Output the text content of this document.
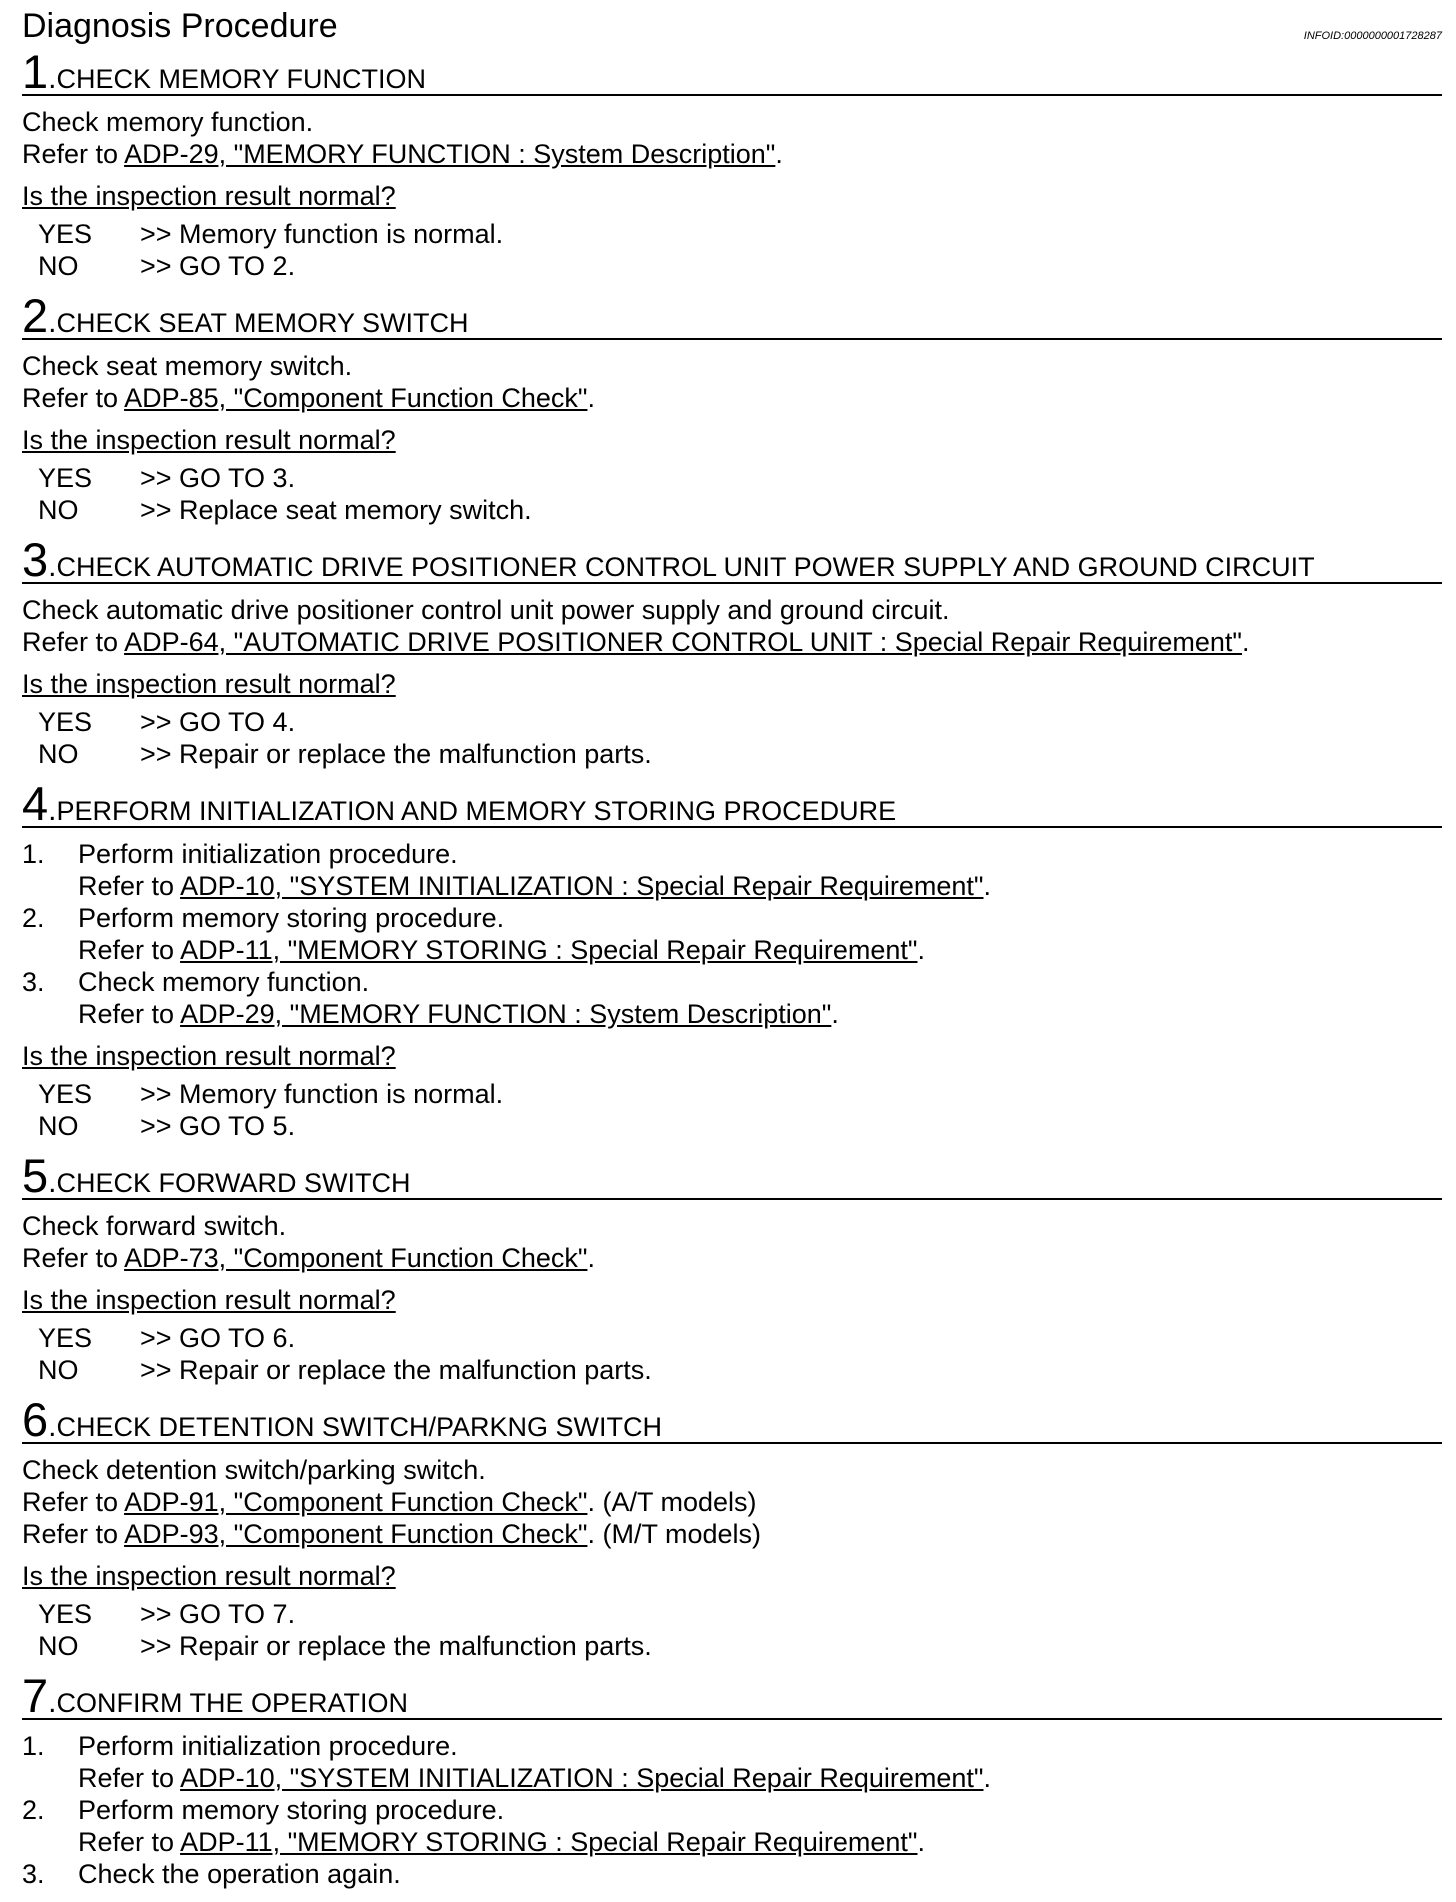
Diagnosis Procedure	INFOID:0000000001728287
1 . CHECK MEMORY FUNCTION
Check memory function.
Refer to ADP-29, "MEMORY FUNCTION : System Description".
Is the inspection result normal?
YES	>> Memory function is normal.
NO	>> GO TO 2.
2 . CHECK SEAT MEMORY SWITCH
Check seat memory switch.
Refer to ADP-85, "Component Function Check".
Is the inspection result normal?
YES	>> GO TO 3.
NO	>> Replace seat memory switch.
3 . CHECK AUTOMATIC DRIVE POSITIONER CONTROL UNIT POWER SUPPLY AND GROUND CIRCUIT
Check automatic drive positioner control unit power supply and ground circuit.
Refer to ADP-64, "AUTOMATIC DRIVE POSITIONER CONTROL UNIT : Special Repair Requirement".
Is the inspection result normal?
YES	>> GO TO 4.
NO	>> Repair or replace the malfunction parts.
4 . PERFORM INITIALIZATION AND MEMORY STORING PROCEDURE
1.	Perform initialization procedure.
Refer to ADP-10, "SYSTEM INITIALIZATION : Special Repair Requirement".
2.	Perform memory storing procedure.
Refer to ADP-11, "MEMORY STORING : Special Repair Requirement".
3.	Check memory function.
Refer to ADP-29, "MEMORY FUNCTION : System Description".
Is the inspection result normal?
YES	>> Memory function is normal.
NO	>> GO TO 5.
5 . CHECK FORWARD SWITCH
Check forward switch.
Refer to ADP-73, "Component Function Check".
Is the inspection result normal?
YES	>> GO TO 6.
NO	>> Repair or replace the malfunction parts.
6 . CHECK DETENTION SWITCH/PARKNG SWITCH
Check detention switch/parking switch.
Refer to ADP-91, "Component Function Check". (A/T models)
Refer to ADP-93, "Component Function Check". (M/T models)
Is the inspection result normal?
YES	>> GO TO 7.
NO	>> Repair or replace the malfunction parts.
7 . CONFIRM THE OPERATION
1.	Perform initialization procedure.
Refer to ADP-10, "SYSTEM INITIALIZATION : Special Repair Requirement".
2.	Perform memory storing procedure.
Refer to ADP-11, "MEMORY STORING : Special Repair Requirement".
3.	Check the operation again.
